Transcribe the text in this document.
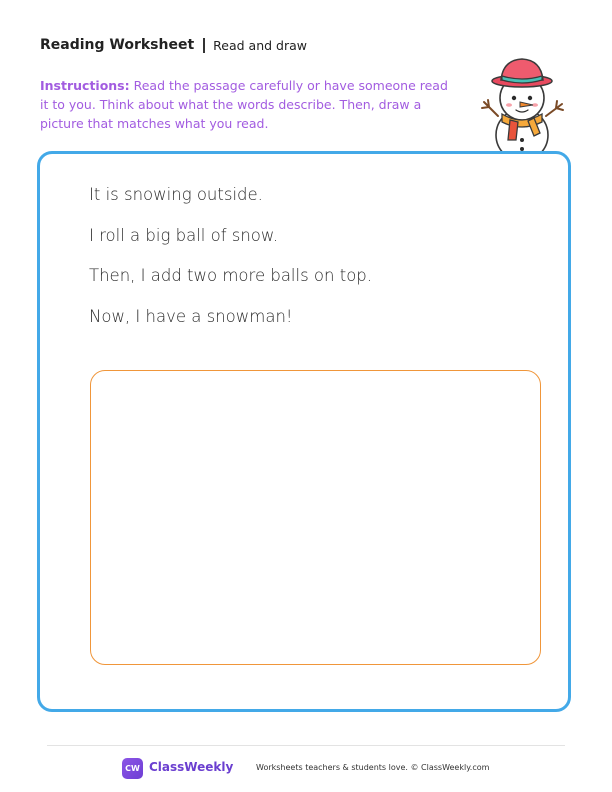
Reading Worksheet Read and draw
Instructions: Read the passage carefully or have someone read it to you. Think about what the words describe. Then, draw a picture that matches what you read.
It is snowing outside.
I roll a big ball of snow.
Then, I add two more balls on top.
Now, I have a snowman!
CW ClassWeekly	Worksheets teachers & students love. © ClassWeekly.com
